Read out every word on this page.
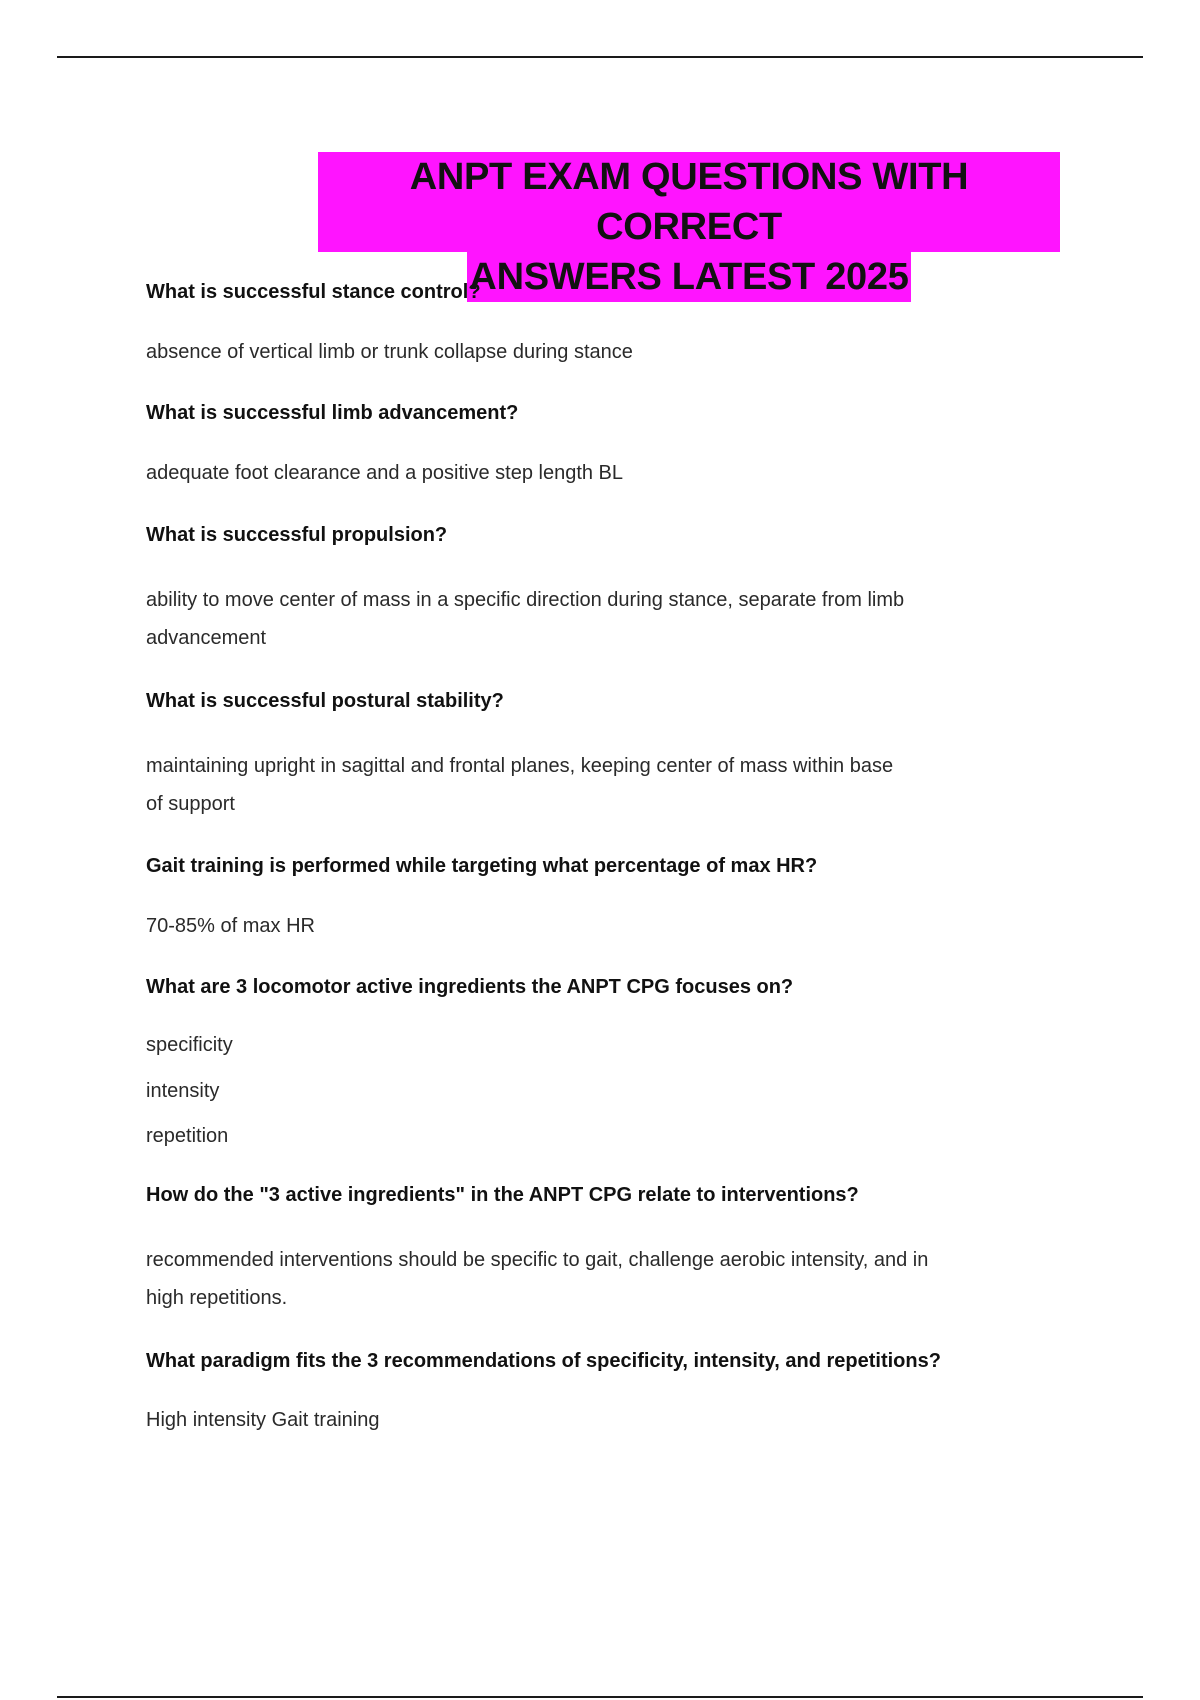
ANPT EXAM QUESTIONS WITH CORRECT
ANSWERS LATEST 2025
What is successful stance control?
absence of vertical limb or trunk collapse during stance
What is successful limb advancement?
adequate foot clearance and a positive step length BL
What is successful propulsion?
ability to move center of mass in a specific direction during stance, separate from limb
advancement
What is successful postural stability?
maintaining upright in sagittal and frontal planes, keeping center of mass within base
of support
Gait training is performed while targeting what percentage of max HR?
70-85% of max HR
What are 3 locomotor active ingredients the ANPT CPG focuses on?
specificity
intensity
repetition
How do the "3 active ingredients" in the ANPT CPG relate to interventions?
recommended interventions should be specific to gait, challenge aerobic intensity, and in
high repetitions.
What paradigm fits the 3 recommendations of specificity, intensity, and repetitions?
High intensity Gait training
